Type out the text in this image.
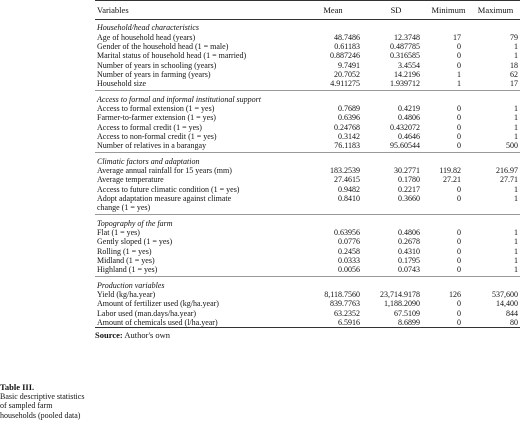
Table III.
Basic descriptive statistics of sampled farm households (pooled data)
Variables	Mean	SD	Minimum	Maximum
Household/head characteristics				
Age of household head (years)	48.7486	12.3748	17	79
Gender of the household head (1 = male)	0.61183	0.487785	0	1
Marital status of household head (1 = married)	0.887246	0.316585	0	1
Number of years in schooling (years)	9.7491	3.4554	0	18
Number of years in farming (years)	20.7052	14.2196	1	62
Household size	4.911275	1.939712	1	17

Access to formal and informal institutional support				
Access to formal extension (1 = yes)	0.7689	0.4219	0	1
Farmer-to-farmer extension (1 = yes)	0.6396	0.4806	0	1
Access to formal credit (1 = yes)	0.24768	0.432072	0	1
Access to non-formal credit (1 = yes)	0.3142	0.4646	0	1
Number of relatives in a barangay	76.1183	95.60544	0	500

Climatic factors and adaptation				
Average annual rainfall for 15 years (mm)	183.2539	30.2771	119.82	216.97
Average temperature	27.4615	0.1780	27.21	27.71
Access to future climatic condition (1 = yes)	0.9482	0.2217	0	1
Adopt adaptation measure against climate	0.8410	0.3660	0	1
change (1 = yes)				

Topography of the farm				
Flat (1 = yes)	0.63956	0.4806	0	1
Gently sloped (1 = yes)	0.0776	0.2678	0	1
Rolling (1 = yes)	0.2458	0.4310	0	1
Midland (1 = yes)	0.0333	0.1795	0	1
Highland (1 = yes)	0.0056	0.0743	0	1

Production variables				
Yield (kg/ha.year)	8,118.7560	23,714.9178	126	537,600
Amount of fertilizer used (kg/ha.year)	839.7763	1,188.2090	0	14,400
Labor used (man.days/ha.year)	63.2352	67.5109	0	844
Amount of chemicals used (l/ha.year)	6.5916	8.6899	0	80
Source: Author's own
